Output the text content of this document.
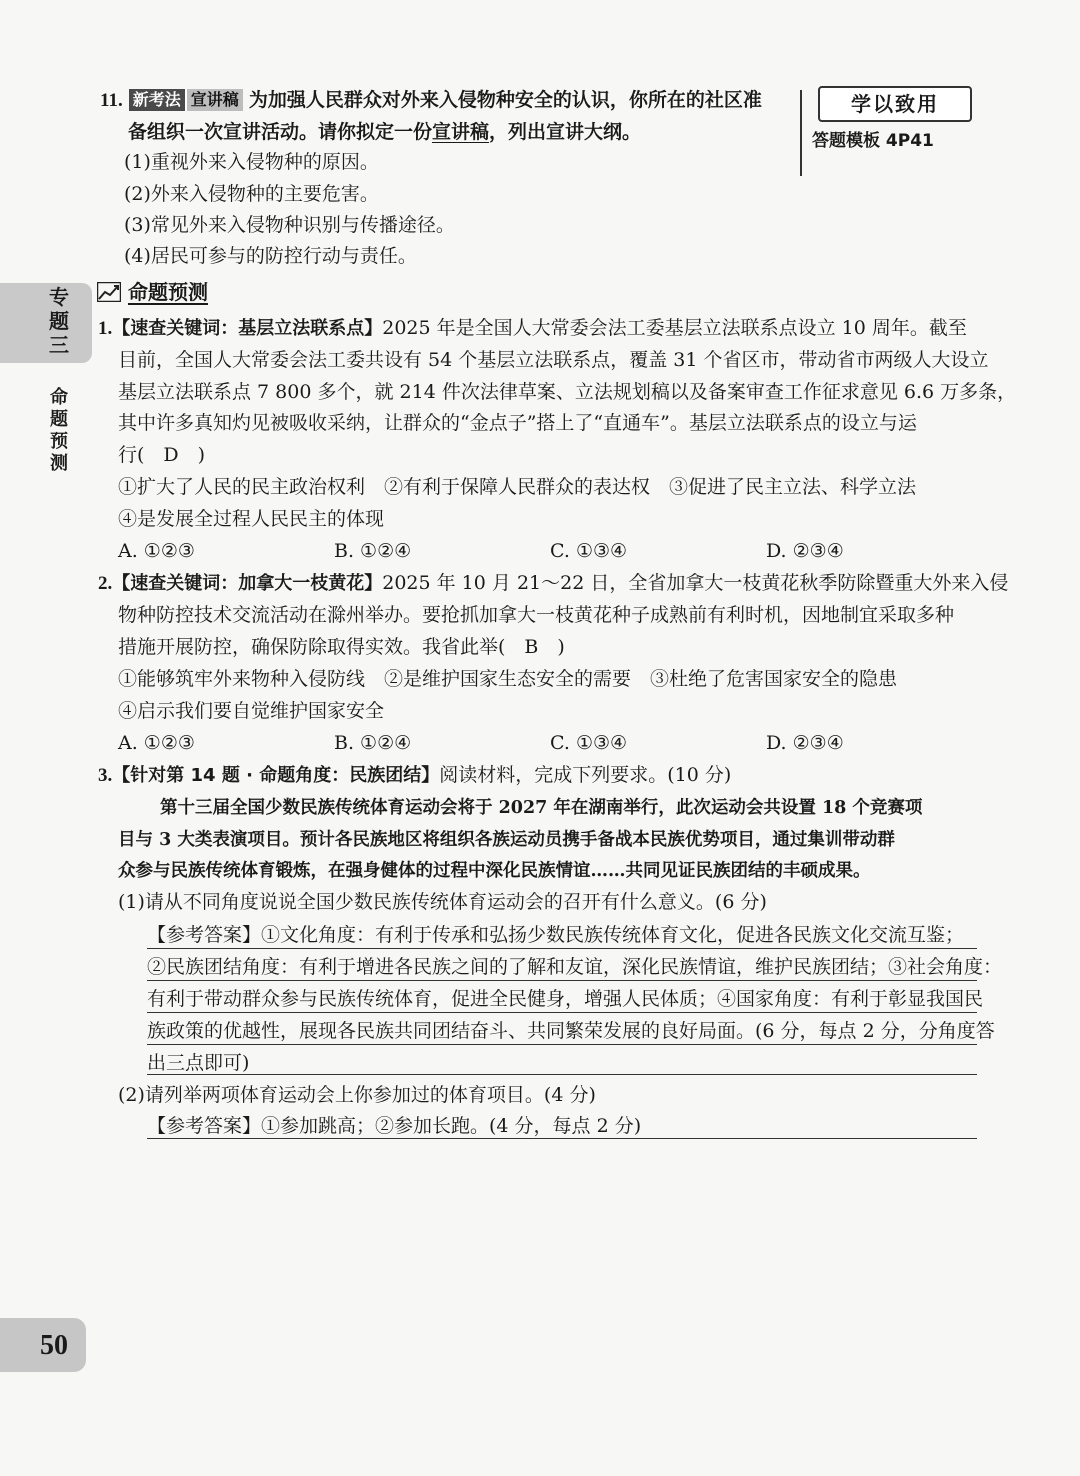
专
题
三
命
题
预
测
50
学以致用
答题模板 4P41
11. 新考法 宣讲稿 为加强人民群众对外来入侵物种安全的认识，你所在的社区准
备组织一次宣讲活动。请你拟定一份宣讲稿，列出宣讲大纲。
(1)重视外来入侵物种的原因。
(2)外来入侵物种的主要危害。
(3)常见外来入侵物种识别与传播途径。
(4)居民可参与的防控行动与责任。
命题预测
1.【速查关键词：基层立法联系点】2025 年是全国人大常委会法工委基层立法联系点设立 10 周年。截至
目前，全国人大常委会法工委共设有 54 个基层立法联系点，覆盖 31 个省区市，带动省市两级人大设立
基层立法联系点 7 800 多个，就 214 件次法律草案、立法规划稿以及备案审查工作征求意见 6.6 万多条，
其中许多真知灼见被吸收采纳，让群众的“金点子”搭上了“直通车”。基层立法联系点的设立与运
行(　D　)
①扩大了人民的民主政治权利　②有利于保障人民群众的表达权　③促进了民主立法、科学立法
④是发展全过程人民民主的体现
A. ①②③	B. ①②④	C. ①③④	D. ②③④
2.【速查关键词：加拿大一枝黄花】2025 年 10 月 21～22 日，全省加拿大一枝黄花秋季防除暨重大外来入侵
物种防控技术交流活动在滁州举办。要抢抓加拿大一枝黄花种子成熟前有利时机，因地制宜采取多种
措施开展防控，确保防除取得实效。我省此举(　B　)
①能够筑牢外来物种入侵防线　②是维护国家生态安全的需要　③杜绝了危害国家安全的隐患
④启示我们要自觉维护国家安全
A. ①②③	B. ①②④	C. ①③④	D. ②③④
3.【针对第 14 题 · 命题角度：民族团结】阅读材料，完成下列要求。(10 分)
第十三届全国少数民族传统体育运动会将于 2027 年在湖南举行，此次运动会共设置 18 个竞赛项
目与 3 大类表演项目。预计各民族地区将组织各族运动员携手备战本民族优势项目，通过集训带动群
众参与民族传统体育锻炼，在强身健体的过程中深化民族情谊……共同见证民族团结的丰硕成果。
(1)请从不同角度说说全国少数民族传统体育运动会的召开有什么意义。(6 分)
【参考答案】①文化角度：有利于传承和弘扬少数民族传统体育文化，促进各民族文化交流互鉴；
②民族团结角度：有利于增进各民族之间的了解和友谊，深化民族情谊，维护民族团结；③社会角度：
有利于带动群众参与民族传统体育，促进全民健身，增强人民体质；④国家角度：有利于彰显我国民
族政策的优越性，展现各民族共同团结奋斗、共同繁荣发展的良好局面。(6 分，每点 2 分，分角度答
出三点即可)
(2)请列举两项体育运动会上你参加过的体育项目。(4 分)
【参考答案】①参加跳高；②参加长跑。(4 分，每点 2 分)
